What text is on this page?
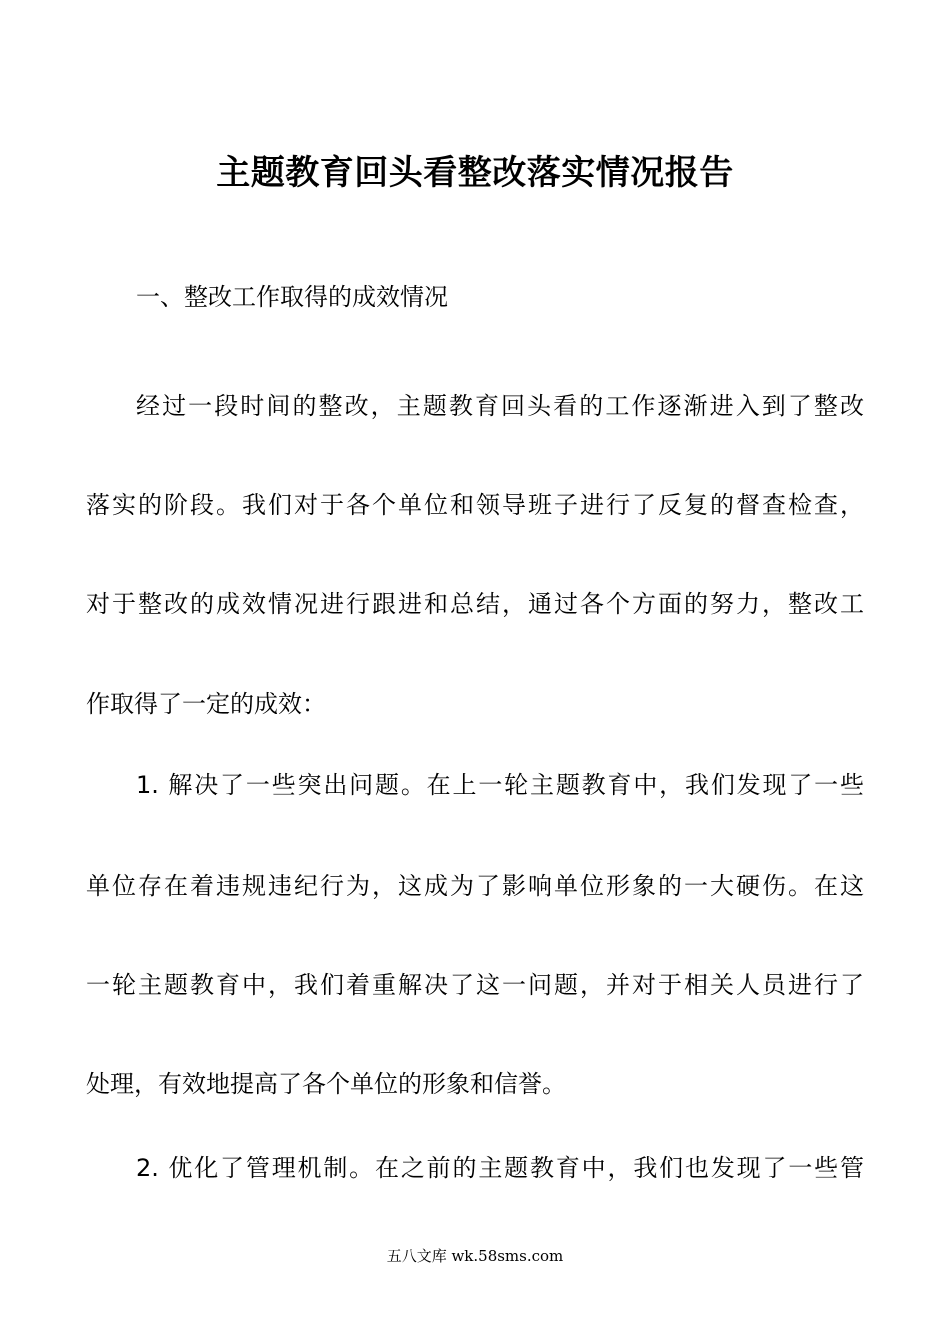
主题教育回头看整改落实情况报告
一、整改工作取得的成效情况
经过一段时间的整改，主题教育回头看的工作逐渐进入到了整改
落实的阶段。我们对于各个单位和领导班子进行了反复的督查检查，
对于整改的成效情况进行跟进和总结，通过各个方面的努力，整改工
作取得了一定的成效：
1. 解决了一些突出问题。在上一轮主题教育中，我们发现了一些
单位存在着违规违纪行为，这成为了影响单位形象的一大硬伤。在这
一轮主题教育中，我们着重解决了这一问题，并对于相关人员进行了
处理，有效地提高了各个单位的形象和信誉。
2. 优化了管理机制。在之前的主题教育中，我们也发现了一些管
五八文库 wk.58sms.com
